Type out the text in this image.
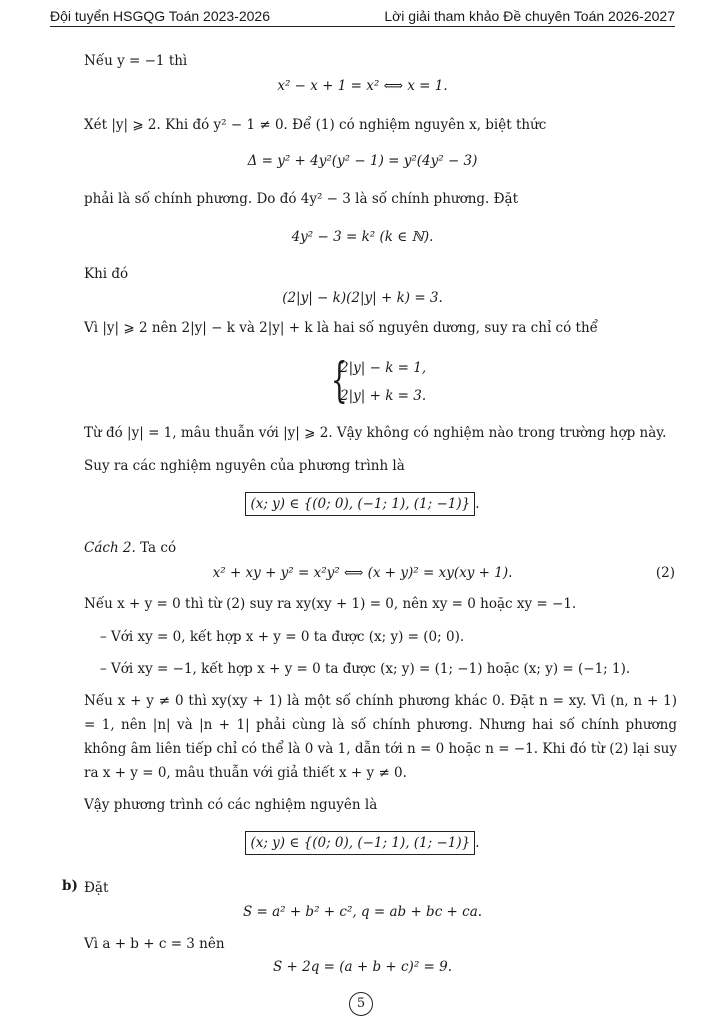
Đội tuyển HSGQG Toán 2023-2026	Lời giải tham khảo Đề chuyên Toán 2026-2027
Nếu y = −1 thì
x² − x + 1 = x² ⟺ x = 1.
Xét |y| ⩾ 2. Khi đó y² − 1 ≠ 0. Để (1) có nghiệm nguyên x, biệt thức
Δ = y² + 4y²(y² − 1) = y²(4y² − 3)
phải là số chính phương. Do đó 4y² − 3 là số chính phương. Đặt
4y² − 3 = k² (k ∈ ℕ).
Khi đó
(2|y| − k)(2|y| + k) = 3.
Vì |y| ⩾ 2 nên 2|y| − k và 2|y| + k là hai số nguyên dương, suy ra chỉ có thể
{
2|y| − k = 1,
2|y| + k = 3.
Từ đó |y| = 1, mâu thuẫn với |y| ⩾ 2. Vậy không có nghiệm nào trong trường hợp này.
Suy ra các nghiệm nguyên của phương trình là
(x; y) ∈ {(0; 0), (−1; 1), (1; −1)} .
Cách 2. Ta có
x² + xy + y² = x²y² ⟺ (x + y)² = xy(xy + 1).	(2)
Nếu x + y = 0 thì từ (2) suy ra xy(xy + 1) = 0, nên xy = 0 hoặc xy = −1.
– Với xy = 0, kết hợp x + y = 0 ta được (x; y) = (0; 0).
– Với xy = −1, kết hợp x + y = 0 ta được (x; y) = (1; −1) hoặc (x; y) = (−1; 1).
Nếu x + y ≠ 0 thì xy(xy + 1) là một số chính phương khác 0. Đặt n = xy. Vì (n, n + 1) = 1, nên |n| và |n + 1| phải cùng là số chính phương. Nhưng hai số chính phương không âm liên tiếp chỉ có thể là 0 và 1, dẫn tới n = 0 hoặc n = −1. Khi đó từ (2) lại suy ra x + y = 0, mâu thuẫn với giả thiết x + y ≠ 0.
Vậy phương trình có các nghiệm nguyên là
(x; y) ∈ {(0; 0), (−1; 1), (1; −1)} .
b) Đặt
S = a² + b² + c², q = ab + bc + ca.
Vì a + b + c = 3 nên
S + 2q = (a + b + c)² = 9.
5
